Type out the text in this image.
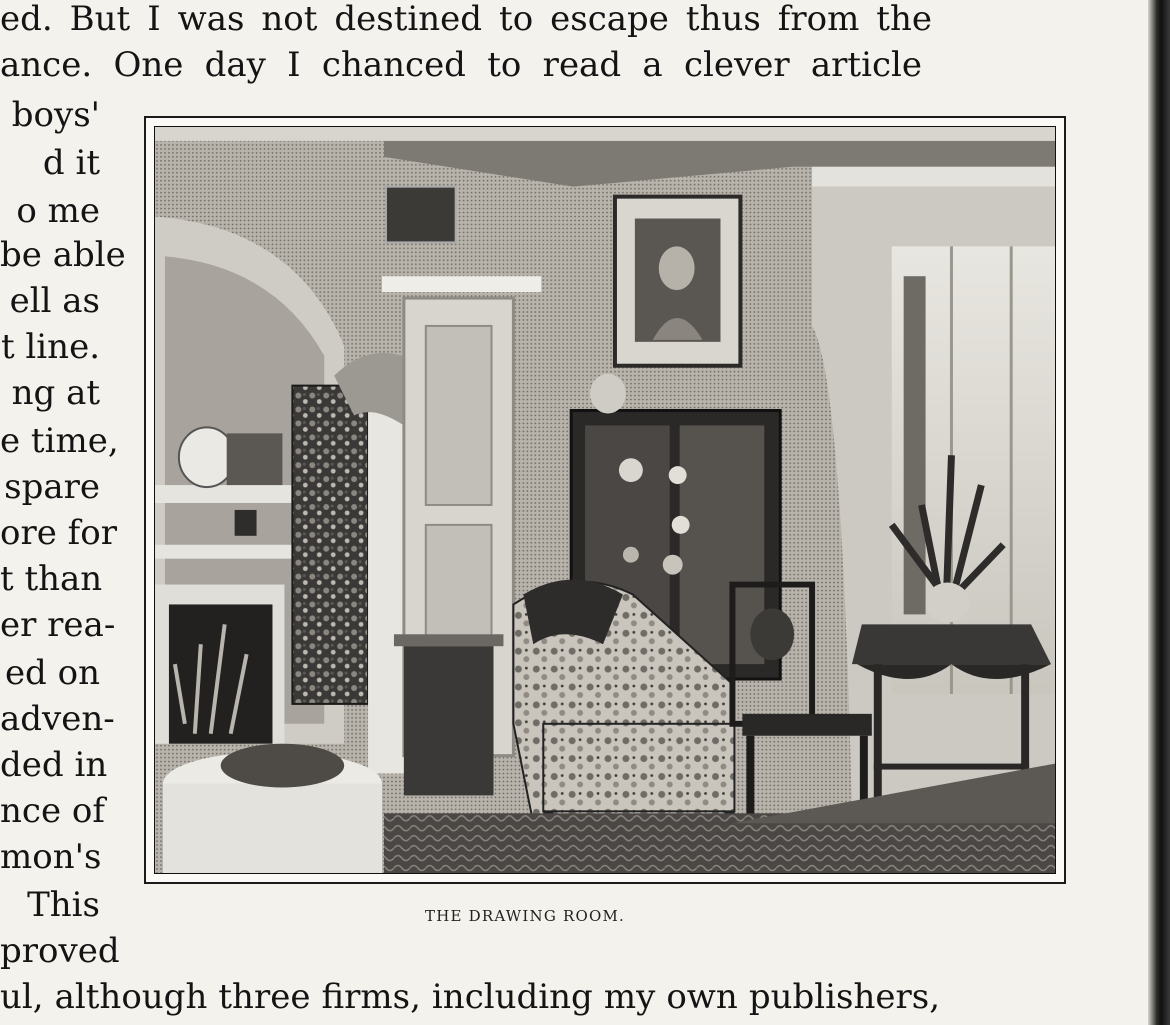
ed. But I was not destined to escape thus from the
ance. One day I chanced to read a clever article
boys'
d it
o me
be able
ell as
t line.
ng at
e time,
spare
ore for
t than
er rea-
ed on
adven-
ded in
nce of
mon's
This
proved
THE DRAWING ROOM.
ul, although three firms, including my own publishers,
